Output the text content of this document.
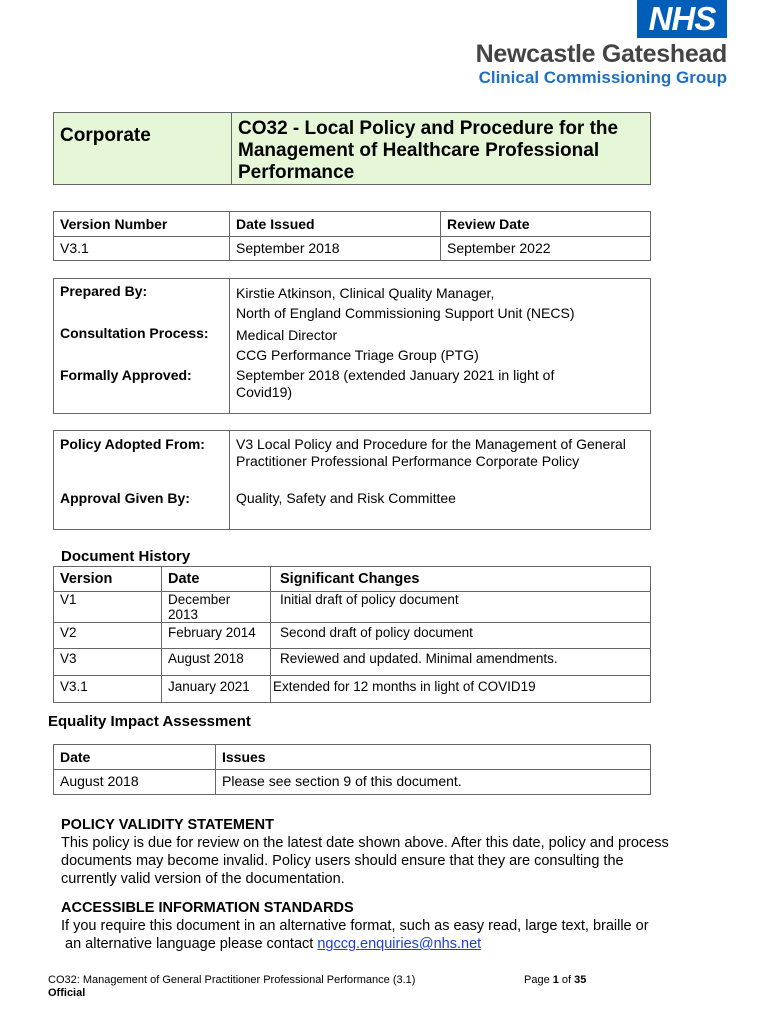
NHS
Newcastle Gateshead
Clinical Commissioning Group
Corporate	CO32 - Local Policy and Procedure for the Management of Healthcare Professional Performance
Version Number	Date Issued	Review Date
V3.1	September 2018	September 2022
Prepared By:	Kirstie Atkinson, Clinical Quality Manager,
North of England Commissioning Support Unit (NECS)

Consultation Process:	Medical Director
CCG Performance Triage Group (PTG)

Formally Approved:	September 2018 (extended January 2021 in light of Covid19)
Policy Adopted From:	V3 Local Policy and Procedure for the Management of General Practitioner Professional Performance Corporate Policy
Approval Given By:	Quality, Safety and Risk Committee
Document History
Version	Date	Significant Changes
V1	December 2013	Initial draft of policy document
V2	February 2014	Second draft of policy document
V3	August 2018	Reviewed and updated. Minimal amendments.
V3.1	January 2021	Extended for 12 months in light of COVID19
Equality Impact Assessment
Date	Issues
August 2018	Please see section 9 of this document.
POLICY VALIDITY STATEMENT
This policy is due for review on the latest date shown above. After this date, policy and process documents may become invalid. Policy users should ensure that they are consulting the currently valid version of the documentation.
ACCESSIBLE INFORMATION STANDARDS
If you require this document in an alternative format, such as easy read, large text, braille or
an alternative language please contact ngccg.enquiries@nhs.net
CO32: Management of General Practitioner Professional Performance (3.1)
Official
Page 1 of 35
